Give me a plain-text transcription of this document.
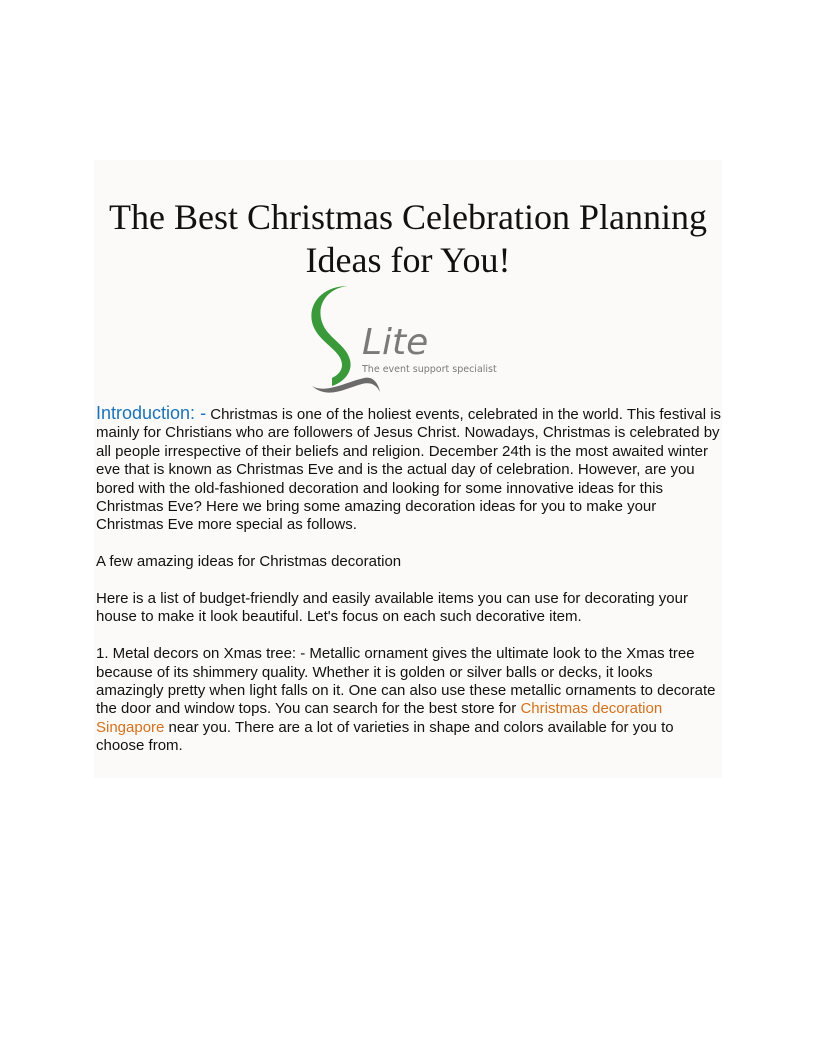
The Best Christmas Celebration Planning Ideas for You!
Lite
The event support specialist

Introduction: - Christmas is one of the holiest events, celebrated in the world. This festival is mainly for Christians who are followers of Jesus Christ. Nowadays, Christmas is celebrated by all people irrespective of their beliefs and religion. December 24th is the most awaited winter eve that is known as Christmas Eve and is the actual day of celebration. However, are you bored with the old-fashioned decoration and looking for some innovative ideas for this Christmas Eve? Here we bring some amazing decoration ideas for you to make your Christmas Eve more special as follows.

A few amazing ideas for Christmas decoration

Here is a list of budget-friendly and easily available items you can use for decorating your house to make it look beautiful. Let's focus on each such decorative item.

1. Metal decors on Xmas tree: - Metallic ornament gives the ultimate look to the Xmas tree because of its shimmery quality. Whether it is golden or silver balls or decks, it looks amazingly pretty when light falls on it. One can also use these metallic ornaments to decorate the door and window tops. You can search for the best store for Christmas decoration Singapore near you. There are a lot of varieties in shape and colors available for you to choose from.
